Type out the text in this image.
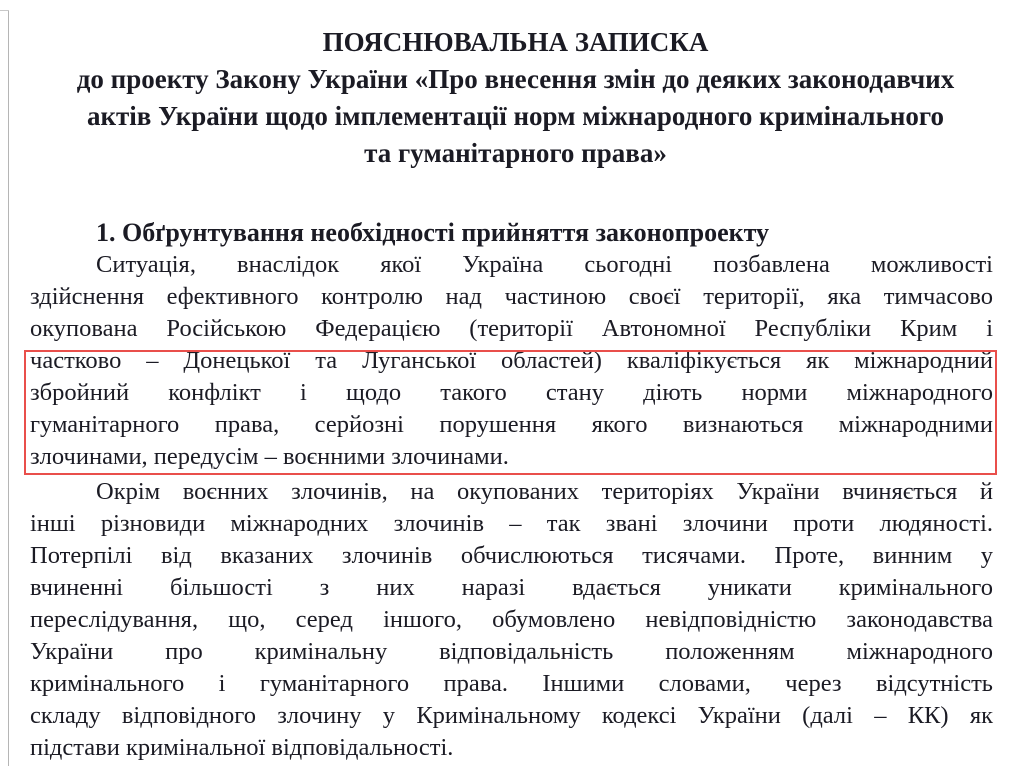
ПОЯСНЮВАЛЬНА ЗАПИСКА
до проекту Закону України «Про внесення змін до деяких законодавчих
актів України щодо імплементації норм міжнародного кримінального
та гуманітарного права»
1. Обґрунтування необхідності прийняття законопроекту
Ситуація, внаслідок якої Україна сьогодні позбавлена можливості
здійснення ефективного контролю над частиною своєї території, яка тимчасово
окупована Російською Федерацією (території Автономної Республіки Крим і
частково – Донецької та Луганської областей) кваліфікується як міжнародний
збройний конфлікт і щодо такого стану діють норми міжнародного
гуманітарного права, серйозні порушення якого визнаються міжнародними
злочинами, передусім – воєнними злочинами.
Окрім воєнних злочинів, на окупованих територіях України вчиняється й
інші різновиди міжнародних злочинів – так звані злочини проти людяності.
Потерпілі від вказаних злочинів обчислюються тисячами. Проте, винним у
вчиненні більшості з них наразі вдається уникати кримінального
переслідування, що, серед іншого, обумовлено невідповідністю законодавства
України про кримінальну відповідальність положенням міжнародного
кримінального і гуманітарного права. Іншими словами, через відсутність
складу відповідного злочину у Кримінальному кодексі України (далі – КК) як
підстави кримінальної відповідальності.
